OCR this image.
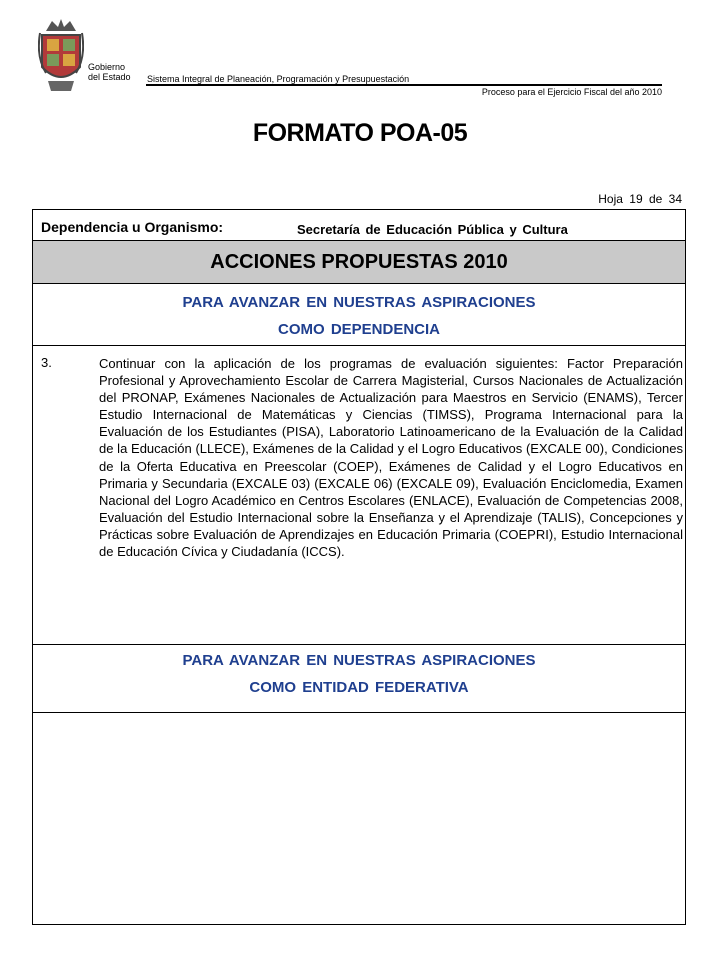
Gobierno
del Estado Sistema Integral de Planeación, Programación y Presupuestación
Proceso para el Ejercicio Fiscal del año 2010
FORMATO POA-05
Hoja 19 de 34
Dependencia u Organismo:	Secretaría de Educación Pública y Cultura
ACCIONES PROPUESTAS 2010
PARA AVANZAR EN NUESTRAS ASPIRACIONES
COMO DEPENDENCIA
3.	Continuar con la aplicación de los programas de evaluación siguientes: Factor Preparación Profesional y Aprovechamiento Escolar de Carrera Magisterial, Cursos Nacionales de Actualización del PRONAP, Exámenes Nacionales de Actualización para Maestros en Servicio (ENAMS), Tercer Estudio Internacional de Matemáticas y Ciencias (TIMSS), Programa Internacional para la Evaluación de los Estudiantes (PISA), Laboratorio Latinoamericano de la Evaluación de la Calidad de la Educación (LLECE), Exámenes de la Calidad y el Logro Educativos (EXCALE 00), Condiciones de la Oferta Educativa en Preescolar (COEP), Exámenes de Calidad y el Logro Educativos en Primaria y Secundaria (EXCALE 03) (EXCALE 06) (EXCALE 09), Evaluación Enciclomedia, Examen Nacional del Logro Académico en Centros Escolares (ENLACE), Evaluación de Competencias 2008, Evaluación del Estudio Internacional sobre la Enseñanza y el Aprendizaje (TALIS), Concepciones y Prácticas sobre Evaluación de Aprendizajes en Educación Primaria (COEPRI), Estudio Internacional de Educación Cívica y Ciudadanía (ICCS).
PARA AVANZAR EN NUESTRAS ASPIRACIONES
COMO ENTIDAD FEDERATIVA
